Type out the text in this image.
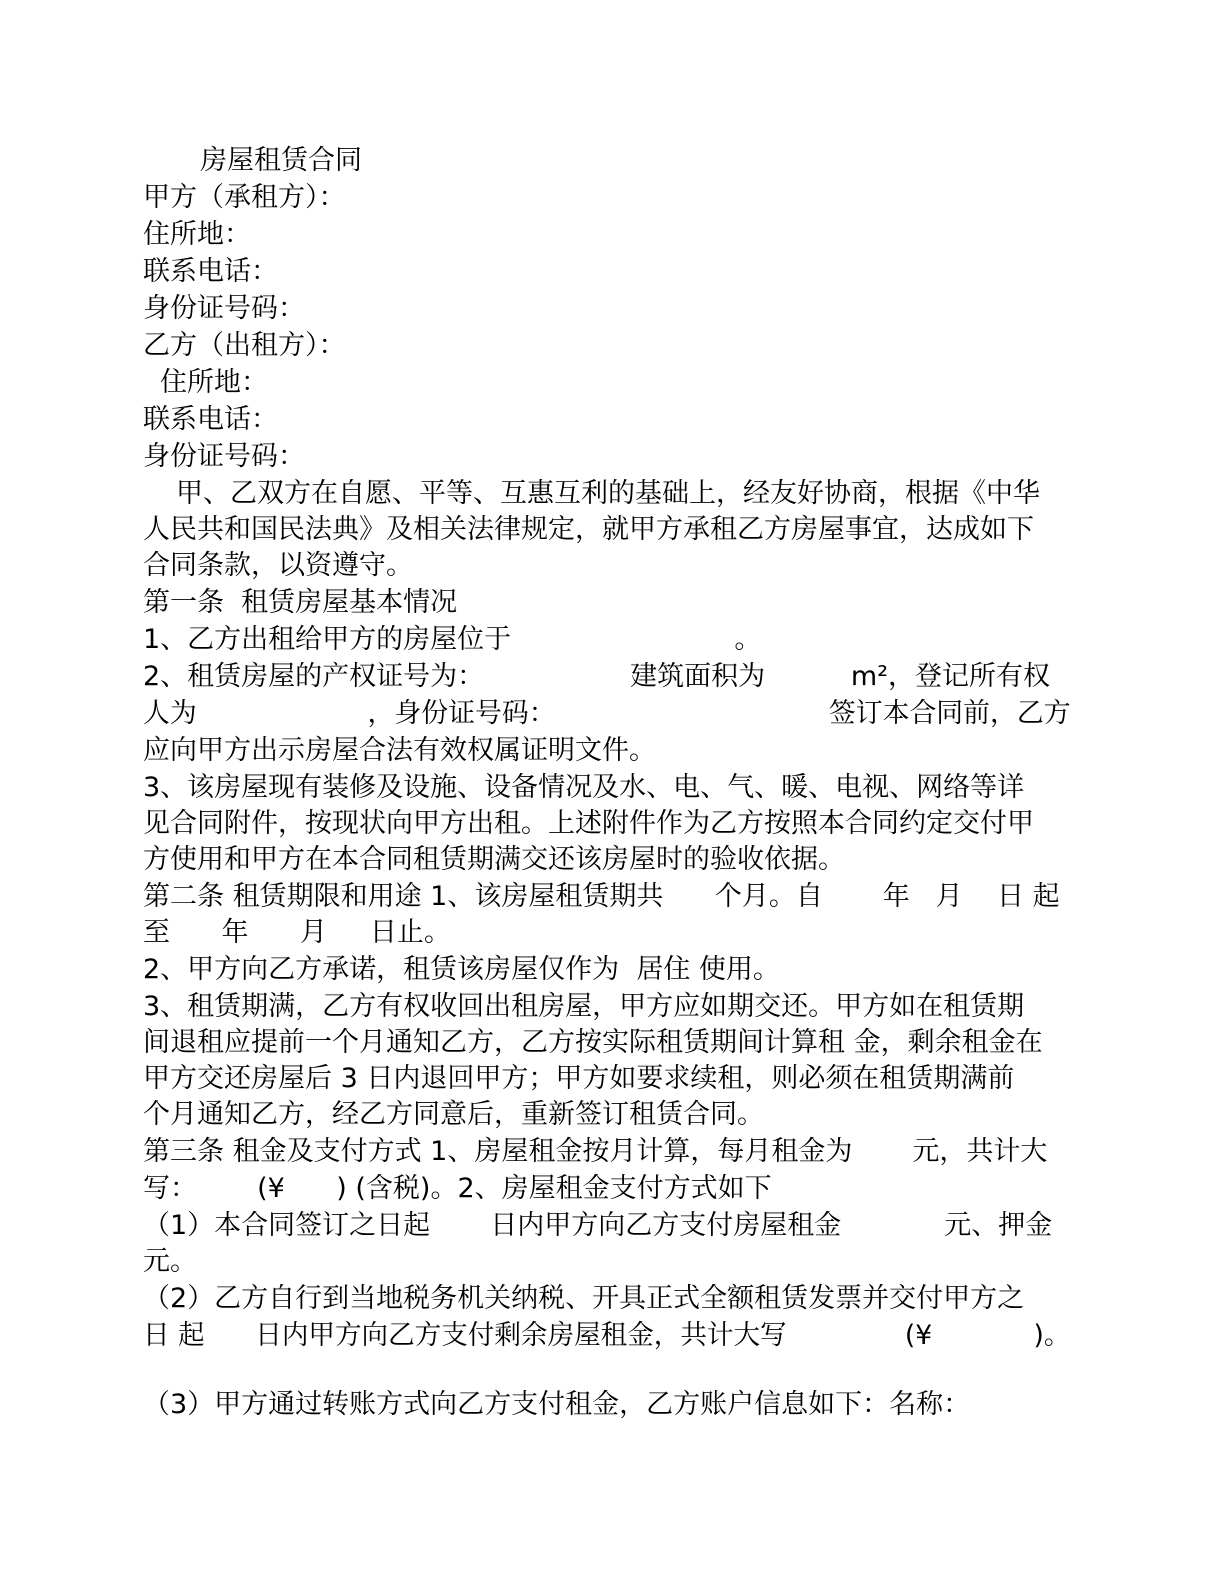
房屋租赁合同
甲方（承租方）：
住所地：
联系电话：
身份证号码：
乙方（出租方）：
住所地：
联系电话：
身份证号码：
甲、乙双方在自愿、平等、互惠互利的基础上，经友好协商，根据《中华
人民共和国民法典》及相关法律规定，就甲方承租乙方房屋事宜，达成如下
合同条款，以资遵守。
第一条  租赁房屋基本情况
1、乙方出租给甲方的房屋位于                          。
2、租赁房屋的产权证号为：                 建筑面积为          m²，登记所有权
人为                    ，身份证号码：                                签订本合同前，乙方
应向甲方出示房屋合法有效权属证明文件。
3、该房屋现有装修及设施、设备情况及水、电、气、暖、电视、网络等详
见合同附件，按现状向甲方出租。上述附件作为乙方按照本合同约定交付甲
方使用和甲方在本合同租赁期满交还该房屋时的验收依据。
第二条 租赁期限和用途 1、该房屋租赁期共      个月。自       年   月    日 起
至      年      月     日止。
2、甲方向乙方承诺，租赁该房屋仅作为  居住 使用。
3、租赁期满，乙方有权收回出租房屋，甲方应如期交还。甲方如在租赁期
间退租应提前一个月通知乙方，乙方按实际租赁期间计算租 金，剩余租金在
甲方交还房屋后 3 日内退回甲方；甲方如要求续租，则必须在租赁期满前
个月通知乙方，经乙方同意后，重新签订租赁合同。
第三条 租金及支付方式 1、房屋租金按月计算，每月租金为       元，共计大
写：       (¥      ) (含税)。2、房屋租金支付方式如下
（1）本合同签订之日起       日内甲方向乙方支付房屋租金            元、押金
元。
（2）乙方自行到当地税务机关纳税、开具正式全额租赁发票并交付甲方之
日 起      日内甲方向乙方支付剩余房屋租金，共计大写              (¥            )。
（3）甲方通过转账方式向乙方支付租金，乙方账户信息如下：名称：
